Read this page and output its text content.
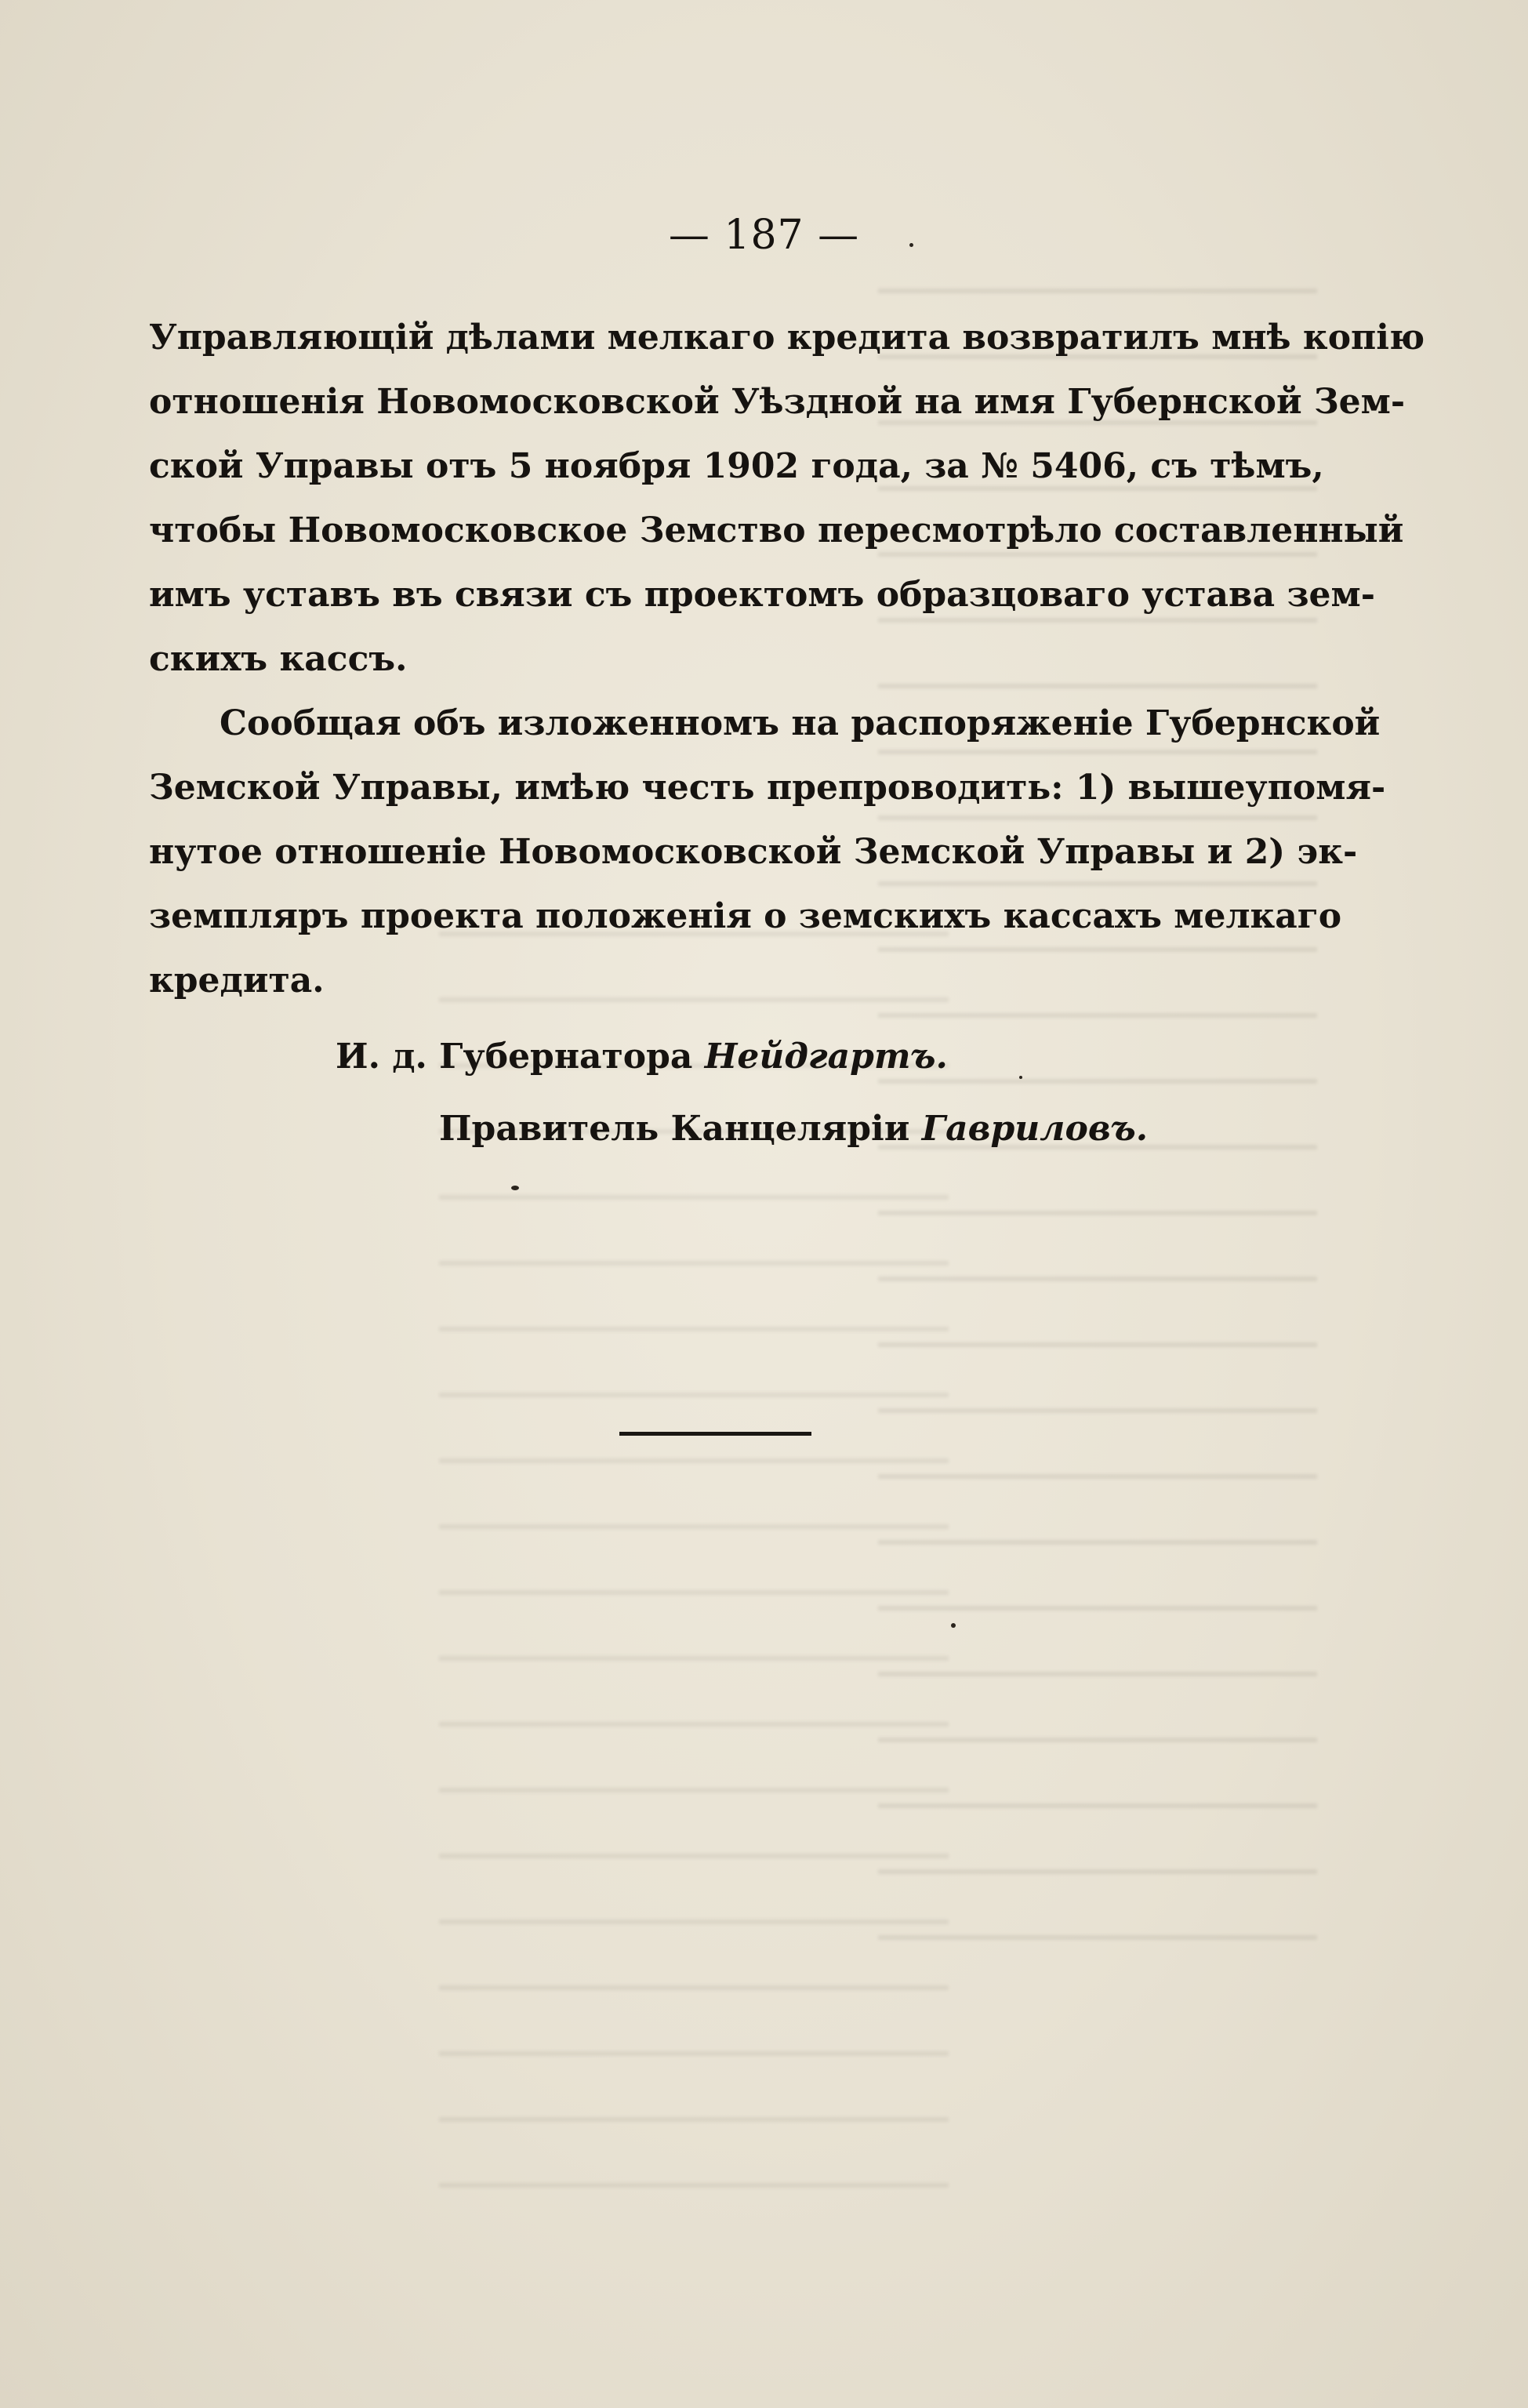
— 187 —

Управляющій дѣлами мелкаго кредита возвратилъ мнѣ копію
отношенія Новомосковской Уѣздной на имя Губернской Зем-
ской Управы отъ 5 ноября 1902 года, за № 5406, съ тѣмъ,
чтобы Новомосковское Земство пересмотрѣло составленный
имъ уставъ въ связи съ проектомъ образцоваго устава зем-
скихъ кассъ.

Сообщая объ изложенномъ на распоряженіе Губернской
Земской Управы, имѣю честь препроводить: 1) вышеупомя-
нутое отношеніе Новомосковской Земской Управы и 2) эк-
земпляръ проекта положенія о земскихъ кассахъ мелкаго
кредита.

И. д. Губернатора Нейдгартъ.
Правитель Канцеляріи Гавриловъ.
